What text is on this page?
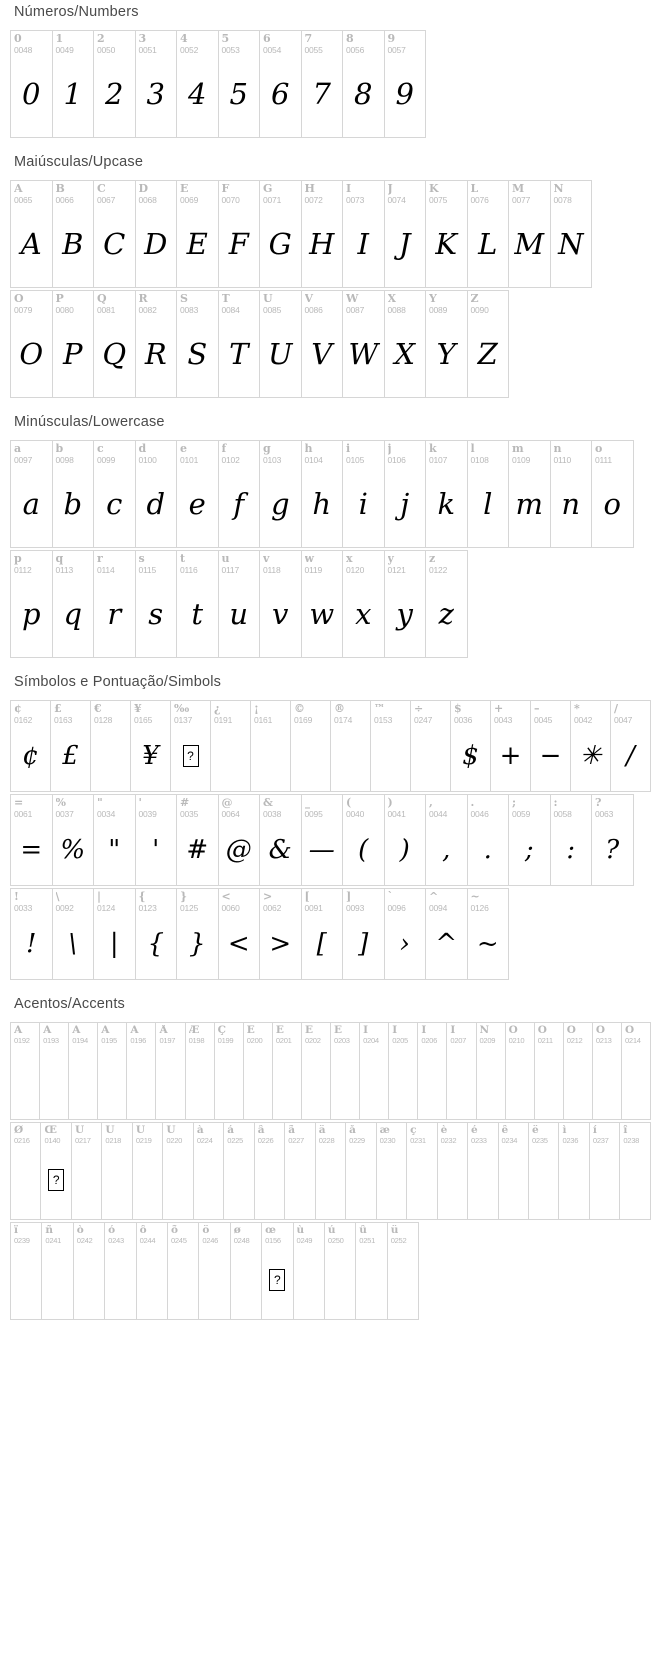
Números/Numbers
0
0048
0
1
0049
1
2
0050
2
3
0051
3
4
0052
4
5
0053
5
6
0054
6
7
0055
7
8
0056
8
9
0057
9
Maiúsculas/Upcase
A
0065
A
B
0066
B
C
0067
C
D
0068
D
E
0069
E
F
0070
F
G
0071
G
H
0072
H
I
0073
I
J
0074
J
K
0075
K
L
0076
L
M
0077
M
N
0078
N
O
0079
O
P
0080
P
Q
0081
Q
R
0082
R
S
0083
S
T
0084
T
U
0085
U
V
0086
V
W
0087
W
X
0088
X
Y
0089
Y
Z
0090
Z
Minúsculas/Lowercase
a
0097
a
b
0098
b
c
0099
c
d
0100
d
e
0101
e
f
0102
f
g
0103
g
h
0104
h
i
0105
i
j
0106
j
k
0107
k
l
0108
l
m
0109
m
n
0110
n
o
0111
o
p
0112
p
q
0113
q
r
0114
r
s
0115
s
t
0116
t
u
0117
u
v
0118
v
w
0119
w
x
0120
x
y
0121
y
z
0122
z
Símbolos e Pontuação/Simbols
¢
0162
¢
£
0163
£
€
0128
¥
0165
¥
‰
0137
?
¿
0191
¡
0161
©
0169
®
0174
™
0153
÷
0247
$
0036
$
+
0043
+
–
0045
−
*
0042
✳
/
0047
/
=
0061
=
%
0037
%
"
0034
"
'
0039
'
#
0035
#
@
0064
@
&
0038
&
_
0095
—
(
0040
(
)
0041
)
,
0044
,
.
0046
.
;
0059
;
:
0058
:
?
0063
?
!
0033
!
\
0092
\
|
0124
|
{
0123
{
}
0125
}
<
0060
<
>
0062
>
[
0091
[
]
0093
]
`
0096
›
^
0094
^
~
0126
~
Acentos/Accents
À
0192
Á
0193
Â
0194
Ã
0195
Ä
0196
Å
0197
Æ
0198
Ç
0199
È
0200
É
0201
Ê
0202
Ë
0203
Ì
0204
Í
0205
Î
0206
Ï
0207
Ñ
0209
Ò
0210
Ó
0211
Ô
0212
Õ
0213
Ö
0214
Ø
0216
Œ
0140
?
Ù
0217
Ú
0218
Û
0219
Ü
0220
à
0224
á
0225
â
0226
ã
0227
ä
0228
å
0229
æ
0230
ç
0231
è
0232
é
0233
ê
0234
ë
0235
ì
0236
í
0237
î
0238
ï
0239
ñ
0241
ò
0242
ó
0243
ô
0244
õ
0245
ö
0246
ø
0248
œ
0156
?
ù
0249
ú
0250
û
0251
ü
0252
